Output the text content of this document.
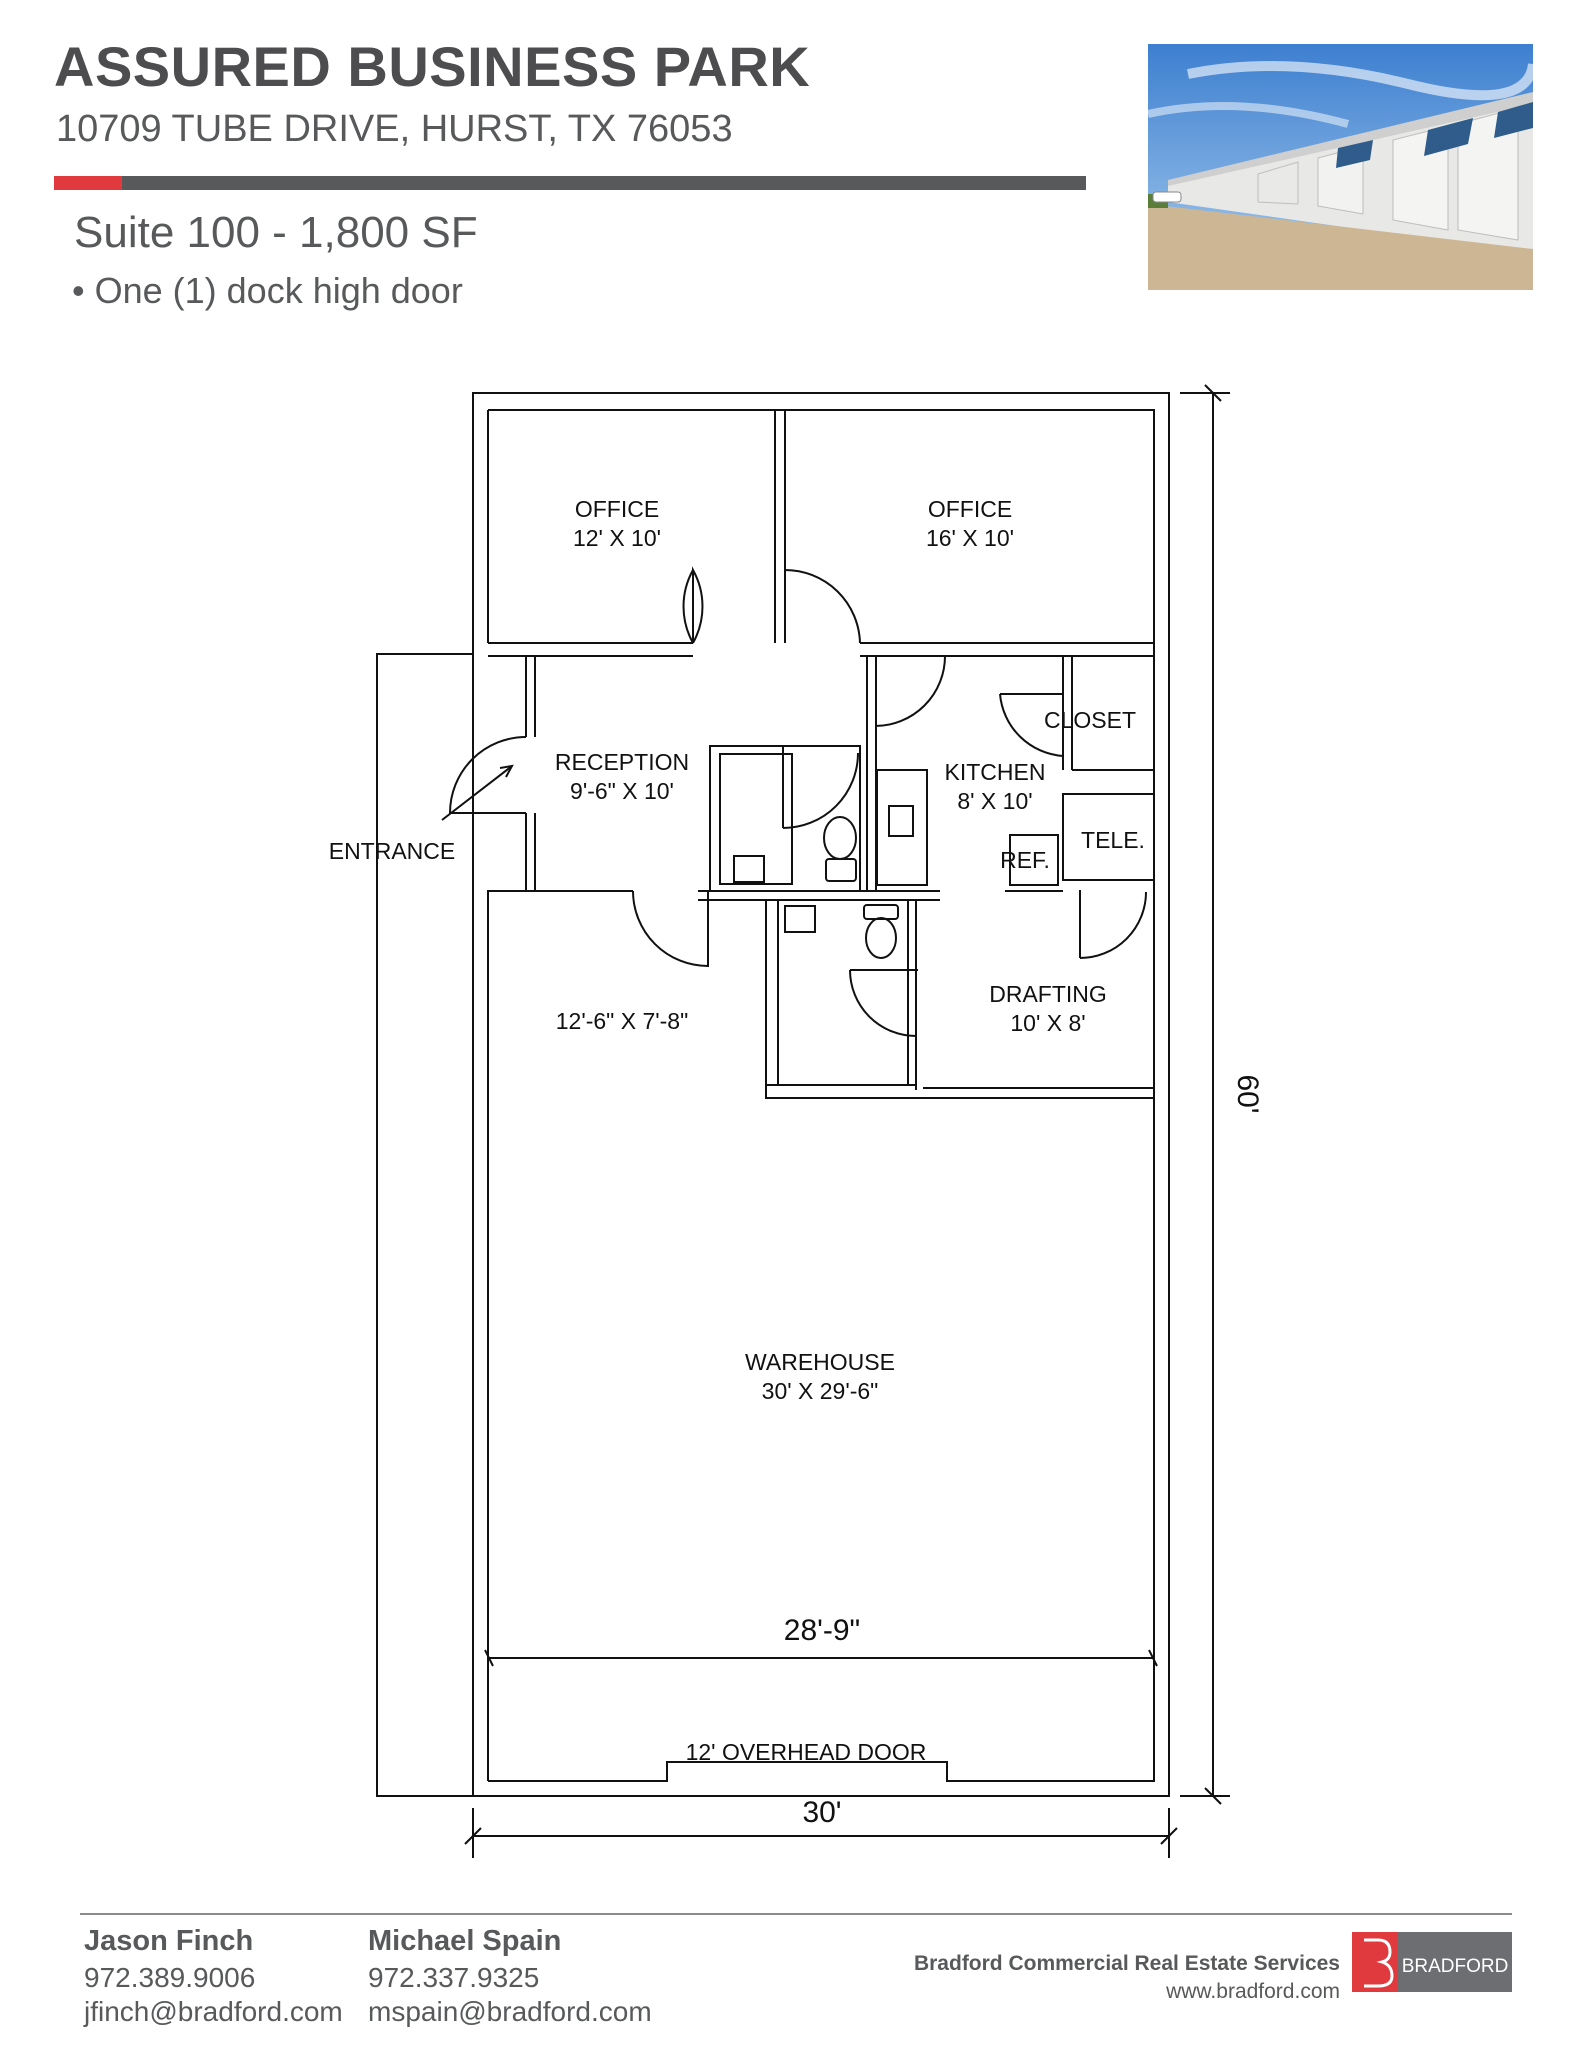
ASSURED BUSINESS PARK
10709 TUBE DRIVE, HURST, TX 76053
Suite 100 - 1,800 SF
• One (1) dock high door
OFFICE
12' X 10'
OFFICE
16' X 10'
RECEPTION
9'-6" X 10'
CLOSET
KITCHEN
8' X 10'
TELE.
REF.
ENTRANCE
12'-6" X 7'-8"
DRAFTING
10' X 8'
WAREHOUSE
30' X 29'-6"
12' OVERHEAD DOOR
28'-9"
30'
60'
Jason Finch
972.389.9006
jfinch@bradford.com
Michael Spain
972.337.9325
mspain@bradford.com
Bradford Commercial Real Estate Services
www.bradford.com
BRADFORD
